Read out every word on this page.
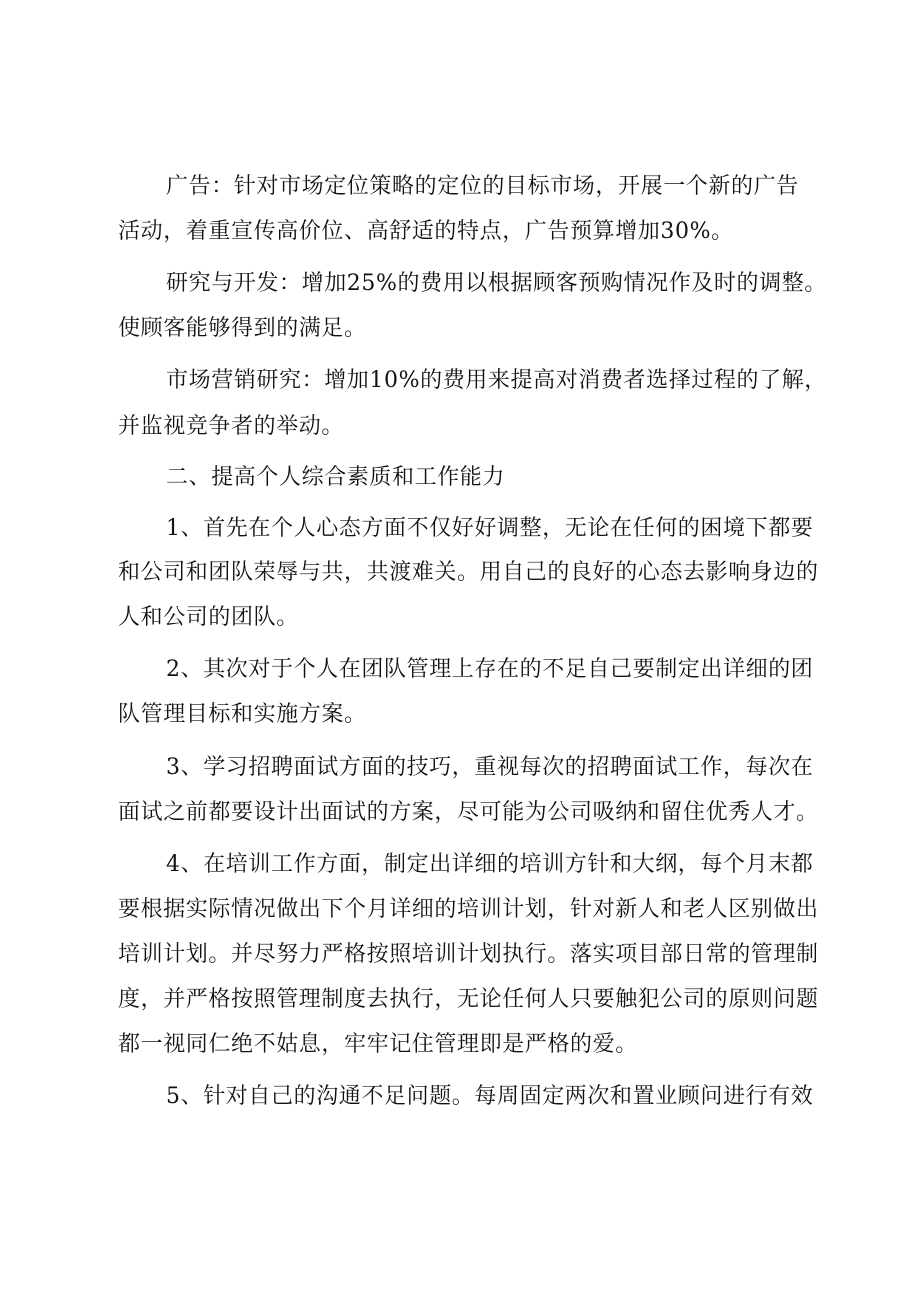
广告：针对市场定位策略的定位的目标市场，开展一个新的广告
活动，着重宣传高价位、高舒适的特点，广告预算增加30%。
研究与开发：增加25%的费用以根据顾客预购情况作及时的调整。
使顾客能够得到的满足。
市场营销研究：增加10%的费用来提高对消费者选择过程的了解，
并监视竞争者的举动。
二、提高个人综合素质和工作能力
1、首先在个人心态方面不仅好好调整，无论在任何的困境下都要
和公司和团队荣辱与共，共渡难关。用自己的良好的心态去影响身边的
人和公司的团队。
2、其次对于个人在团队管理上存在的不足自己要制定出详细的团
队管理目标和实施方案。
3、学习招聘面试方面的技巧，重视每次的招聘面试工作，每次在
面试之前都要设计出面试的方案，尽可能为公司吸纳和留住优秀人才。
4、在培训工作方面，制定出详细的培训方针和大纲，每个月末都
要根据实际情况做出下个月详细的培训计划，针对新人和老人区别做出
培训计划。并尽努力严格按照培训计划执行。落实项目部日常的管理制
度，并严格按照管理制度去执行，无论任何人只要触犯公司的原则问题
都一视同仁绝不姑息，牢牢记住管理即是严格的爱。
5、针对自己的沟通不足问题。每周固定两次和置业顾问进行有效
